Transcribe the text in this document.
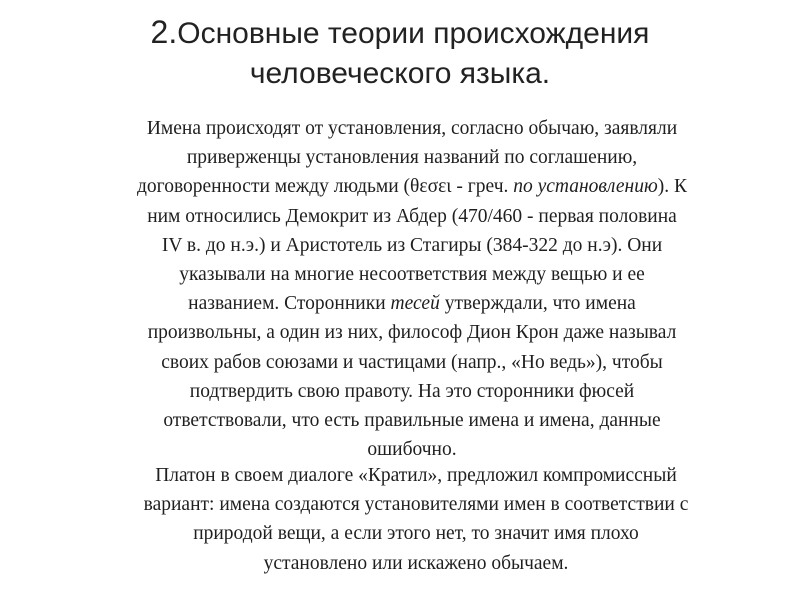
2.Основные теории происхождения
человеческого языка.
Имена происходят от установления, согласно обычаю, заявляли
приверженцы установления названий по соглашению,
договоренности между людьми (θεσει - греч. по установлению). К
ним относились Демокрит из Абдер (470/460 - первая половина
IV в. до н.э.) и Аристотель из Стагиры (384-322 до н.э). Они
указывали на многие несоответствия между вещью и ее
названием. Сторонники тесей утверждали, что имена
произвольны, а один из них, философ Дион Крон даже называл
своих рабов союзами и частицами (напр., «Но ведь»), чтобы
подтвердить свою правоту. На это сторонники фюсей
ответствовали, что есть правильные имена и имена, данные
ошибочно.
Платон в своем диалоге «Кратил», предложил компромиссный
вариант: имена создаются установителями имен в соответствии с
природой вещи, а если этого нет, то значит имя плохо
установлено или искажено обычаем.
